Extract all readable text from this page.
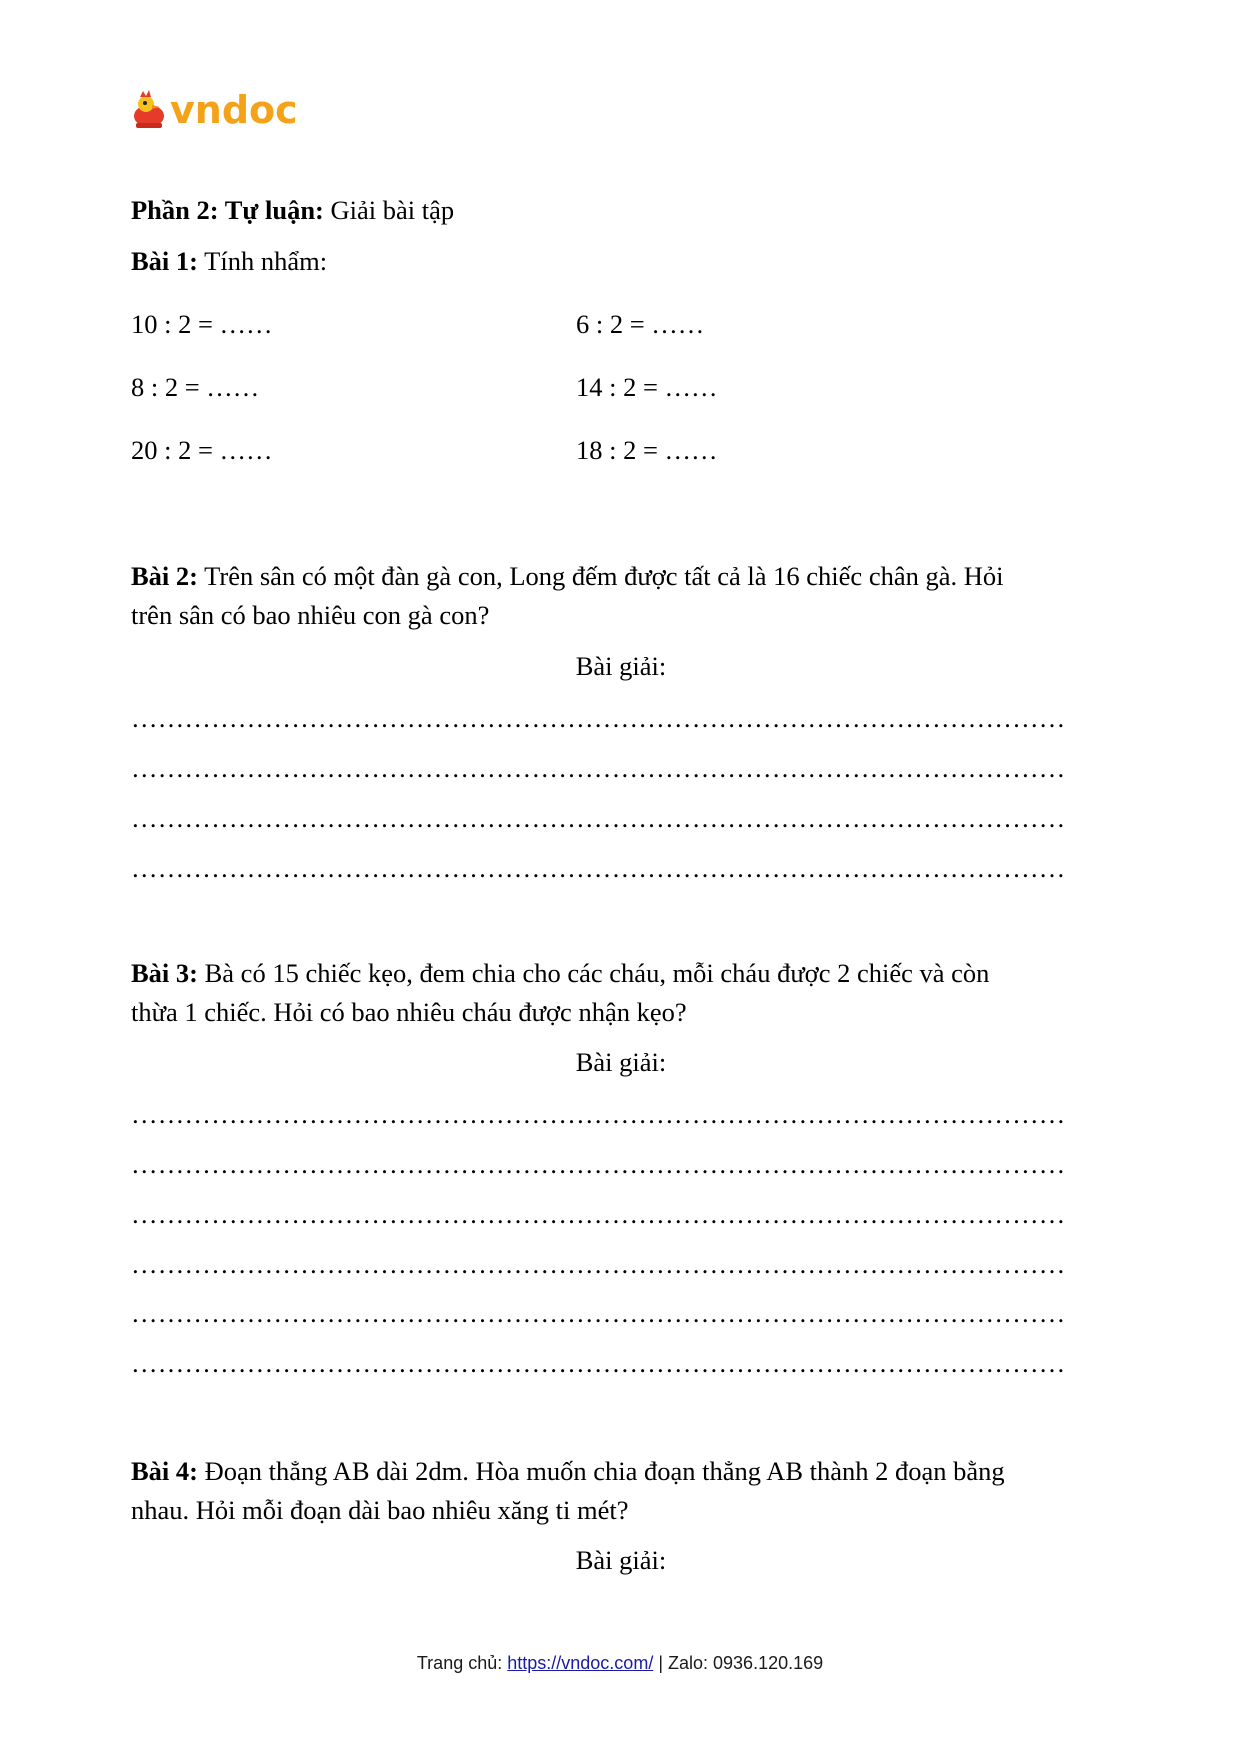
vndoc
Phần 2: Tự luận: Giải bài tập
Bài 1: Tính nhẩm:
10 : 2 = ……	6 : 2 = ……
8 : 2 = ……	14 : 2 = ……
20 : 2 = ……	18 : 2 = ……
Bài 2: Trên sân có một đàn gà con, Long đếm được tất cả là 16 chiếc chân gà. Hỏi
trên sân có bao nhiêu con gà con?
Bài giải:
……………………………………………………………………………………………
……………………………………………………………………………………………
……………………………………………………………………………………………
……………………………………………………………………………………………
Bài 3: Bà có 15 chiếc kẹo, đem chia cho các cháu, mỗi cháu được 2 chiếc và còn
thừa 1 chiếc. Hỏi có bao nhiêu cháu được nhận kẹo?
Bài giải:
……………………………………………………………………………………………
……………………………………………………………………………………………
……………………………………………………………………………………………
……………………………………………………………………………………………
……………………………………………………………………………………………
……………………………………………………………………………………………
Bài 4: Đoạn thẳng AB dài 2dm. Hòa muốn chia đoạn thẳng AB thành 2 đoạn bằng
nhau. Hỏi mỗi đoạn dài bao nhiêu xăng ti mét?
Bài giải:
Trang chủ: https://vndoc.com/ | Zalo: 0936.120.169
